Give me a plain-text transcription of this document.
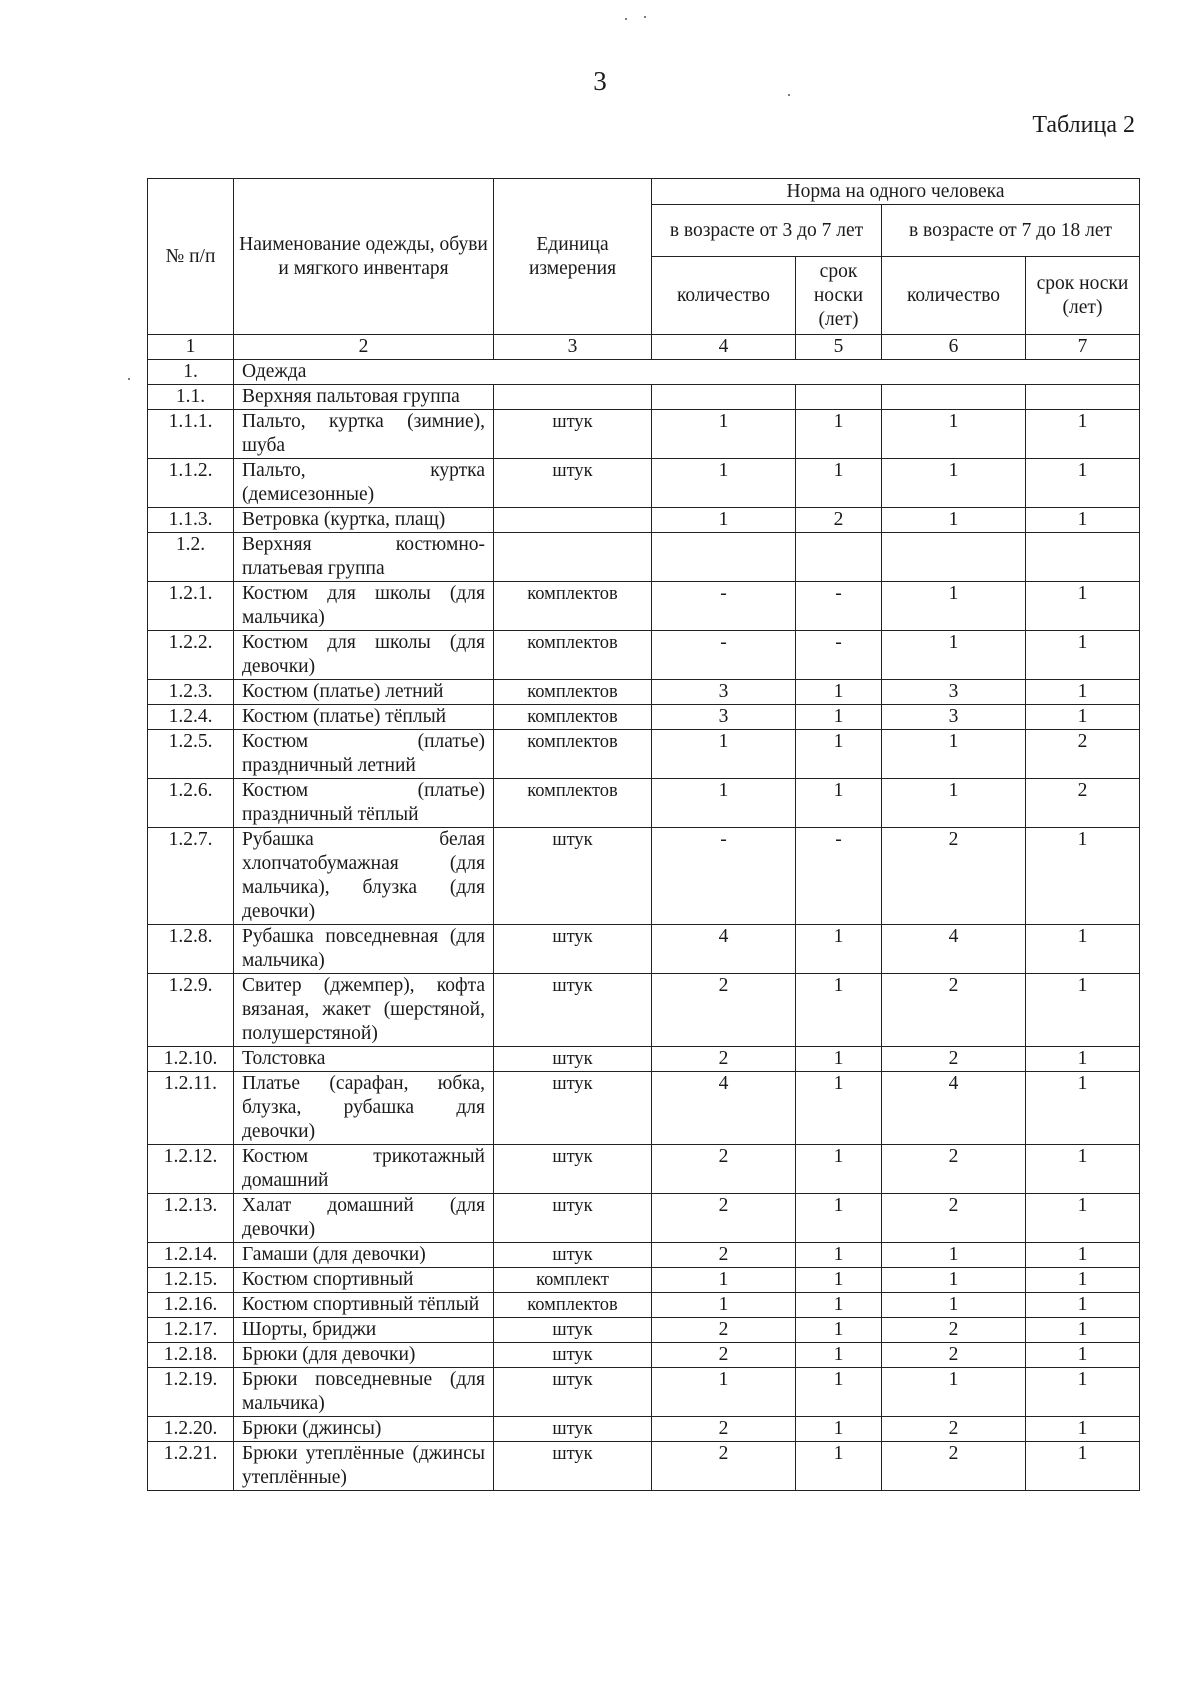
3
Таблица 2
№ п/п	Наименование одежды, обуви и мягкого инвентаря	Единица измерения	Норма на одного человека			
			в возрасте от 3 до 7 лет		в возрасте от 7 до 18 лет	
			количество	срок носки (лет)	количество	срок носки (лет)
1	2	3	4	5	6	7
1.	Одежда					
1.1.	Верхняя пальтовая группа					
1.1.1.	Пальто, куртка (зимние), шуба	штук	1	1	1	1
1.1.2.	Пальто, куртка (демисезонные)	штук	1	1	1	1
1.1.3.	Ветровка (куртка, плащ)		1	2	1	1
1.2.	Верхняя костюмно-платьевая группа					
1.2.1.	Костюм для школы (для мальчика)	комплектов	-	-	1	1
1.2.2.	Костюм для школы (для девочки)	комплектов	-	-	1	1
1.2.3.	Костюм (платье) летний	комплектов	3	1	3	1
1.2.4.	Костюм (платье) тёплый	комплектов	3	1	3	1
1.2.5.	Костюм (платье) праздничный летний	комплектов	1	1	1	2
1.2.6.	Костюм (платье) праздничный тёплый	комплектов	1	1	1	2
1.2.7.	Рубашка белая хлопчатобумажная (для мальчика), блузка (для девочки)	штук	-	-	2	1
1.2.8.	Рубашка повседневная (для мальчика)	штук	4	1	4	1
1.2.9.	Свитер (джемпер), кофта вязаная, жакет (шерстяной, полушерстяной)	штук	2	1	2	1
1.2.10.	Толстовка	штук	2	1	2	1
1.2.11.	Платье (сарафан, юбка, блузка, рубашка для девочки)	штук	4	1	4	1
1.2.12.	Костюм трикотажный домашний	штук	2	1	2	1
1.2.13.	Халат домашний (для девочки)	штук	2	1	2	1
1.2.14.	Гамаши (для девочки)	штук	2	1	1	1
1.2.15.	Костюм спортивный	комплект	1	1	1	1
1.2.16.	Костюм спортивный тёплый	комплектов	1	1	1	1
1.2.17.	Шорты, бриджи	штук	2	1	2	1
1.2.18.	Брюки (для девочки)	штук	2	1	2	1
1.2.19.	Брюки повседневные (для мальчика)	штук	1	1	1	1
1.2.20.	Брюки (джинсы)	штук	2	1	2	1
1.2.21.	Брюки утеплённые (джинсы утеплённые)	штук	2	1	2	1
